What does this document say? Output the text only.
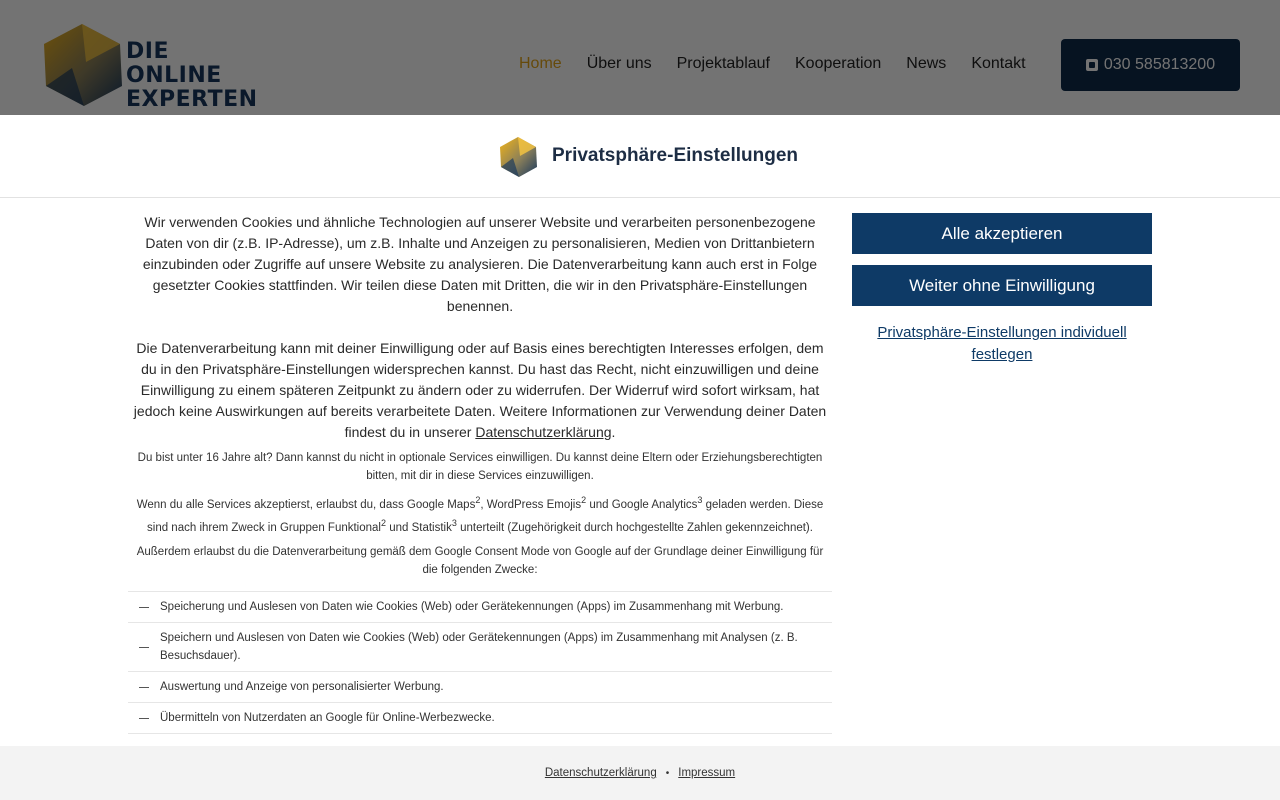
Privatsphäre-Einstellungen

Wir verwenden Cookies und ähnliche Technologien auf unserer Website und verarbeiten personenbezogene Daten von dir (z.B. IP-Adresse), um z.B. Inhalte und Anzeigen zu personalisieren, Medien von Drittanbietern einzubinden oder Zugriffe auf unsere Website zu analysieren. Die Datenverarbeitung kann auch erst in Folge gesetzter Cookies stattfinden. Wir teilen diese Daten mit Dritten, die wir in den Privatsphäre-Einstellungen benennen.

Die Datenverarbeitung kann mit deiner Einwilligung oder auf Basis eines berechtigten Interesses erfolgen, dem du in den Privatsphäre-Einstellungen widersprechen kannst. Du hast das Recht, nicht einzuwilligen und deine Einwilligung zu einem späteren Zeitpunkt zu ändern oder zu widerrufen. Der Widerruf wird sofort wirksam, hat jedoch keine Auswirkungen auf bereits verarbeitete Daten. Weitere Informationen zur Verwendung deiner Daten findest du in unserer Datenschutzerklärung.

Du bist unter 16 Jahre alt? Dann kannst du nicht in optionale Services einwilligen. Du kannst deine Eltern oder Erziehungsberechtigten bitten, mit dir in diese Services einzuwilligen.

Wenn du alle Services akzeptierst, erlaubst du, dass Google Maps$^2$, WordPress Emojis$^2$ und Google Analytics$^3$ geladen werden. Diese sind nach ihrem Zweck in Gruppen Funktional$^2$ und Statistik$^3$ unterteilt (Zugehörigkeit durch hochgestellte Zahlen gekennzeichnet).

Außerdem erlaubst du die Datenverarbeitung gemäß dem Google Consent Mode von Google auf der Grundlage deiner Einwilligung für die folgenden Zwecke:

Speicherung und Auslesen von Daten wie Cookies (Web) oder Gerätekennungen (Apps) im Zusammenhang mit Werbung.
Speichern und Auslesen von Daten wie Cookies (Web) oder Gerätekennungen (Apps) im Zusammenhang mit Analysen (z. B. Besuchsdauer).
Auswertung und Anzeige von personalisierter Werbung.
Übermitteln von Nutzerdaten an Google für Online-Werbezwecke.
Alle akzeptieren
Weiter ohne Einwilligung
Privatsphäre-Einstellungen individuell festlegen
Datenschutzerklärung • Impressum
